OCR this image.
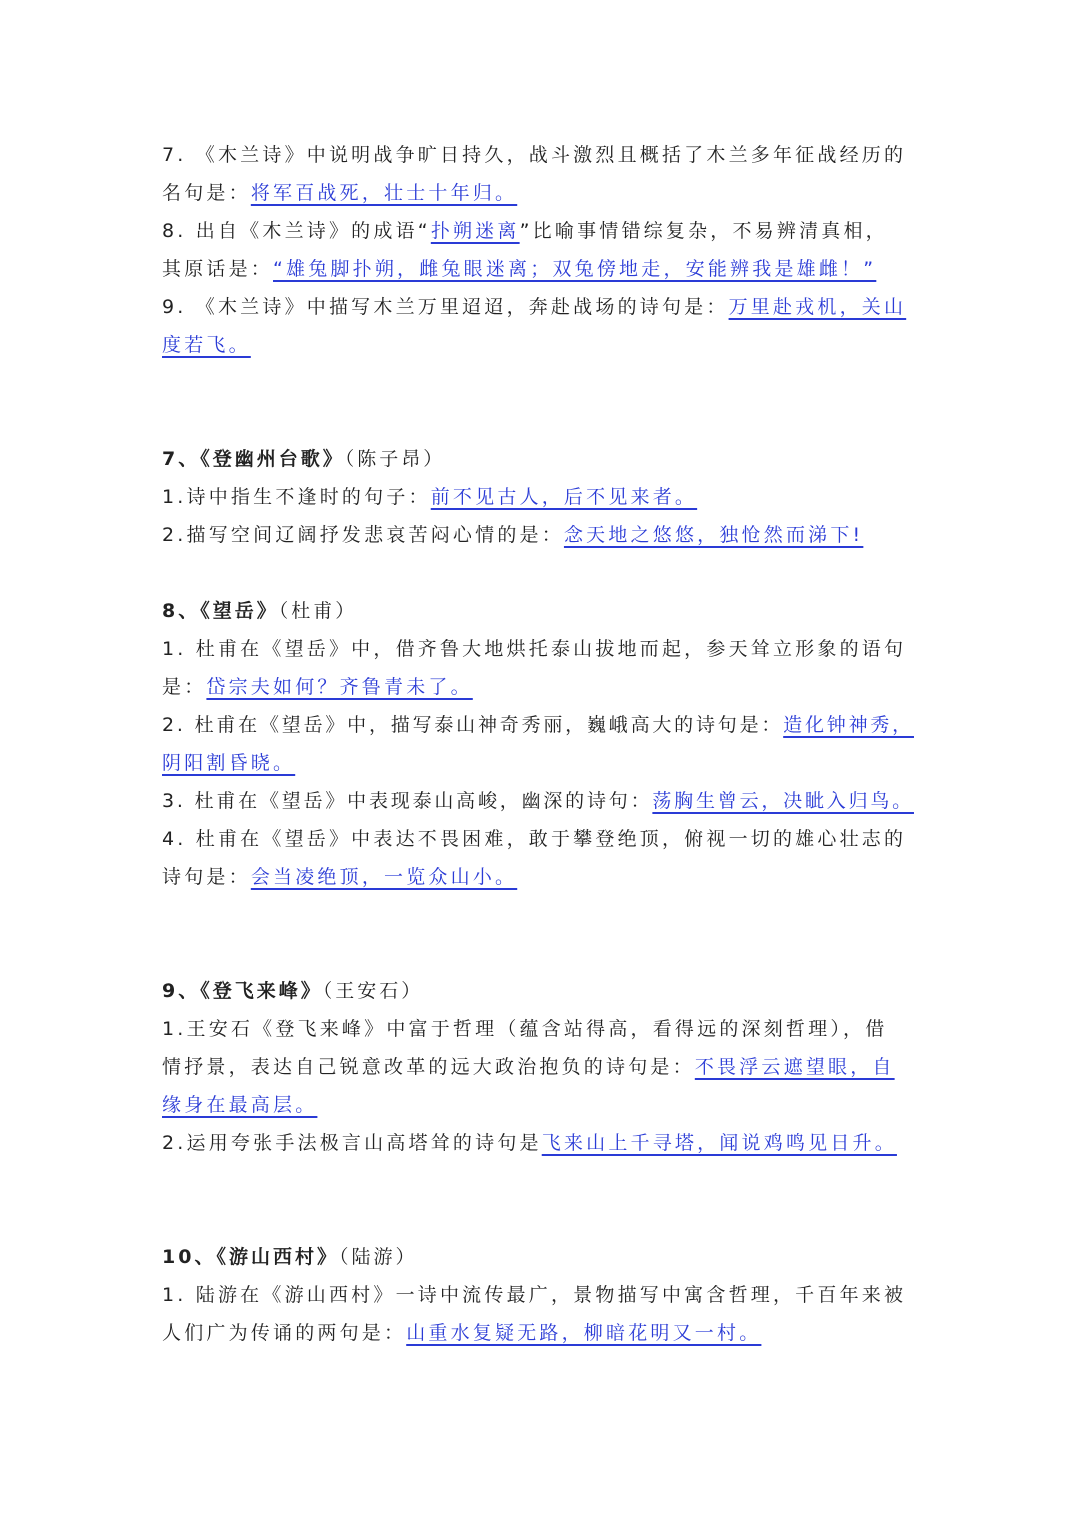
7. 《木兰诗》中说明战争旷日持久，战斗激烈且概括了木兰多年征战经历的
名句是：将军百战死，壮士十年归。
8. 出自《木兰诗》的成语“扑朔迷离”比喻事情错综复杂，不易辨清真相，
其原话是：“雄兔脚扑朔，雌兔眼迷离；双兔傍地走，安能辨我是雄雌！”
9. 《木兰诗》中描写木兰万里迢迢，奔赴战场的诗句是：万里赴戎机，关山
度若飞。
7、《登幽州台歌》（陈子昂）
1.诗中指生不逢时的句子：前不见古人，后不见来者。
2.描写空间辽阔抒发悲哀苦闷心情的是：念天地之悠悠，独怆然而涕下!
8、《望岳》（杜甫）
1. 杜甫在《望岳》中，借齐鲁大地烘托泰山拔地而起，参天耸立形象的语句
是：岱宗夫如何？齐鲁青未了。
2. 杜甫在《望岳》中，描写泰山神奇秀丽，巍峨高大的诗句是：造化钟神秀，
阴阳割昏晓。
3. 杜甫在《望岳》中表现泰山高峻，幽深的诗句：荡胸生曾云，决眦入归鸟。
4. 杜甫在《望岳》中表达不畏困难，敢于攀登绝顶，俯视一切的雄心壮志的
诗句是：会当凌绝顶，一览众山小。
9、《登飞来峰》（王安石）
1.王安石《登飞来峰》中富于哲理（蕴含站得高，看得远的深刻哲理），借
情抒景，表达自己锐意改革的远大政治抱负的诗句是：不畏浮云遮望眼，自
缘身在最高层。
2.运用夸张手法极言山高塔耸的诗句是飞来山上千寻塔，闻说鸡鸣见日升。
10、《游山西村》（陆游）
1. 陆游在《游山西村》一诗中流传最广，景物描写中寓含哲理，千百年来被
人们广为传诵的两句是：山重水复疑无路，柳暗花明又一村。
